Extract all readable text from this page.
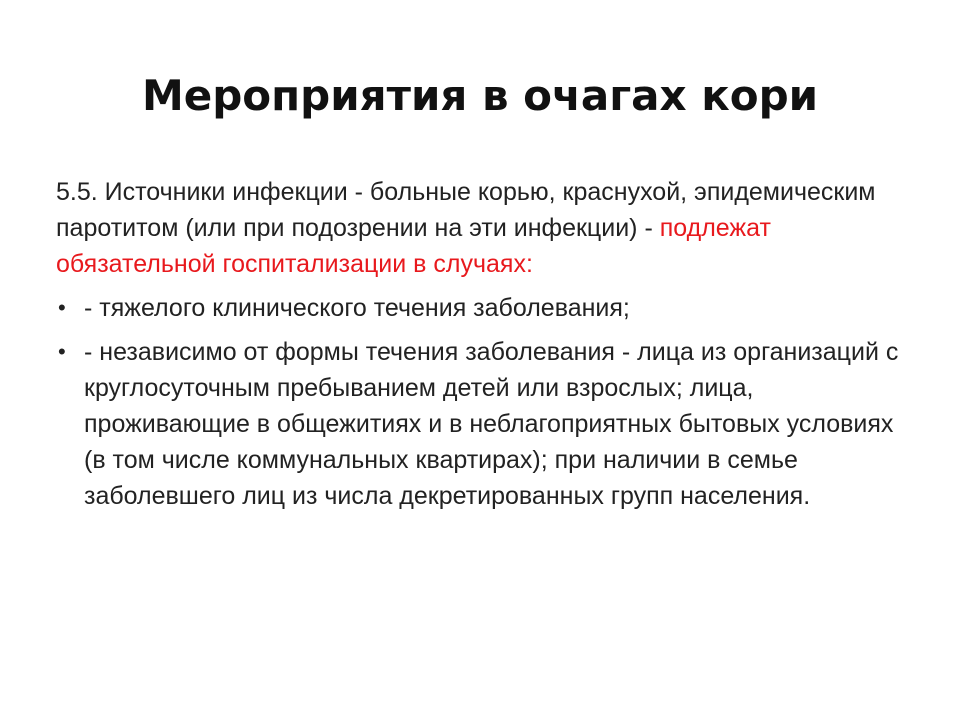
Мероприятия в очагах кори

5.5. Источники инфекции - больные корью, краснухой, эпидемическим паротитом (или при подозрении на эти инфекции) - подлежат обязательной госпитализации в случаях:

• - тяжелого клинического течения заболевания;
• - независимо от формы течения заболевания - лица из организаций с круглосуточным пребыванием детей или взрослых; лица, проживающие в общежитиях и в неблагоприятных бытовых условиях (в том числе коммунальных квартирах); при наличии в семье заболевшего лиц из числа декретированных групп населения.
